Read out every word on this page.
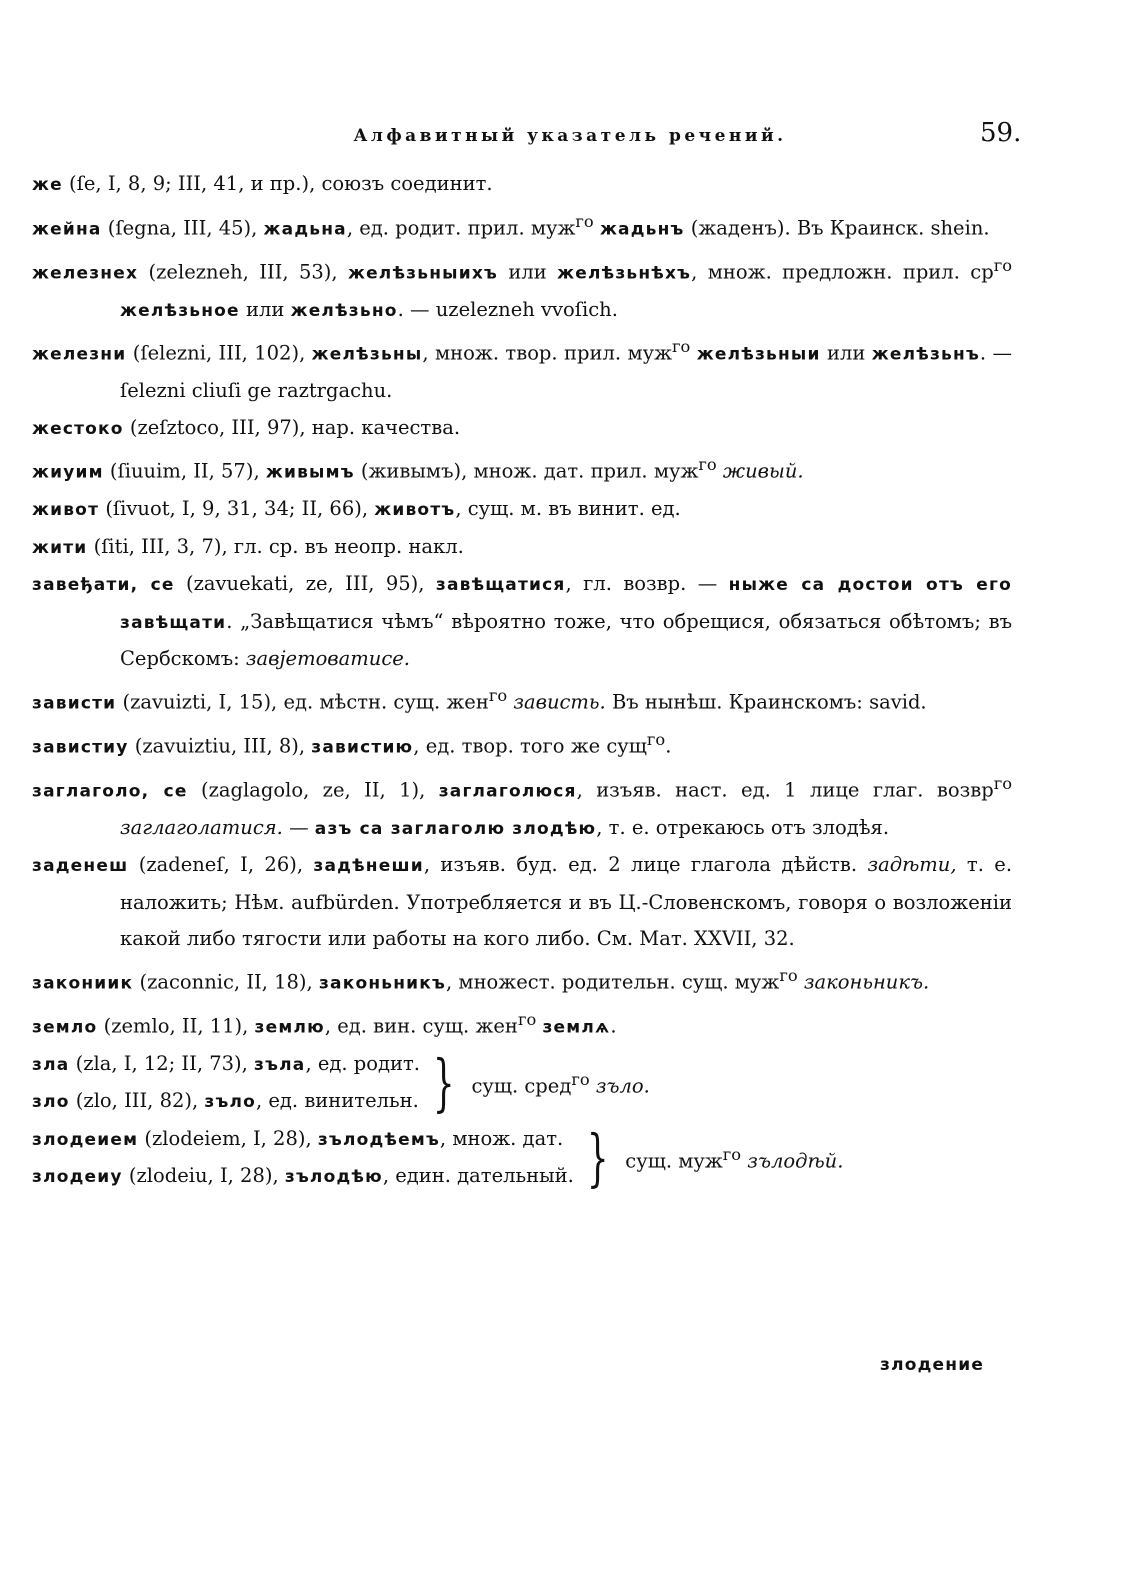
Алфавитный указатель речений.	59.
же (ſe, I, 8, 9; III, 41, и пр.), союзъ соединит.
жейна (ſegna, III, 45), жадьна, ед. родит. прил. муж$^{го}$ жадьнъ (жаденъ). Въ Краинск. shein.
железнех (zelezneh, III, 53), желѣзьныихъ или желѣзьнѣхъ, множ. предложн. прил. $ср^{го}$ желѣзьное или желѣзьно. — uzelezneh vvoſich.
железни (ſelezni, III, 102), желѣзьны, множ. твор. прил. муж$^{го}$ желѣзьныи или желѣзьнъ. — ſelezni cliuſi ge raztrgachu.
жестоко (zeſztoco, III, 97), нар. качества.
жиуим (ſiuuim, II, 57), живымъ (живымъ), множ. дат. прил. муж$^{го}$ живый.
живот (ſivuot, I, 9, 31, 34; II, 66), животъ, сущ. м. въ винит. ед.
жити (ſiti, III, 3, 7), гл. ср. въ неопр. накл.
завеђати, се (zavuekati, ze, III, 95), завѣщатися, гл. возвр. — ныже са достои отъ его завѣщати. „Завѣщатися чѣмъ“ вѣроятно тоже, что обрещися, обязаться обѣтомъ; въ Сербскомъ: завјетоватисе.
зависти (zavuizti, I, 15), ед. мѣстн. сущ. жен$^{го}$ зависть. Въ нынѣш. Краинскомъ: savid.
завистиу (zavuiztiu, III, 8), завистию, ед. твор. того же сущ$^{го}$.
заглаголо, се (zaglagolo, ze, II, 1), заглаголюся, изъяв. наст. ед. 1 лице глаг. возвр$^{го}$ заглаголатися. — азъ са заглаголю злодѣю, т. е. отрекаюсь отъ злодѣя.
заденеш (zadeneſ, I, 26), задѣнеши, изъяв. буд. ед. 2 лице глагола дѣйств. задѣти, т. е. наложить; Нѣм. aufbürden. Употребляется и въ Ц.-Словенскомъ, говоря о возложеніи какой либо тягости или работы на кого либо. См. Мат. XXVII, 32.
закониик (zaconnic, II, 18), законьникъ, множест. родительн. сущ. муж$^{го}$ законьникъ.
земло (zemlo, II, 11), землю, ед. вин. сущ. жен$^{го}$ землѧ.
зла (zla, I, 12; II, 73), зъла, ед. родит.
зло (zlo, III, 82), зъло, ед. винительн. } сущ. сред$^{го}$ зъло.
злодеием (zlodeiem, I, 28), зълодѣемъ, множ. дат.
злодеиу (zlodeiu, I, 28), зълодѣю, един. дательный. } сущ. муж$^{го}$ зълодѣй.
злодение
